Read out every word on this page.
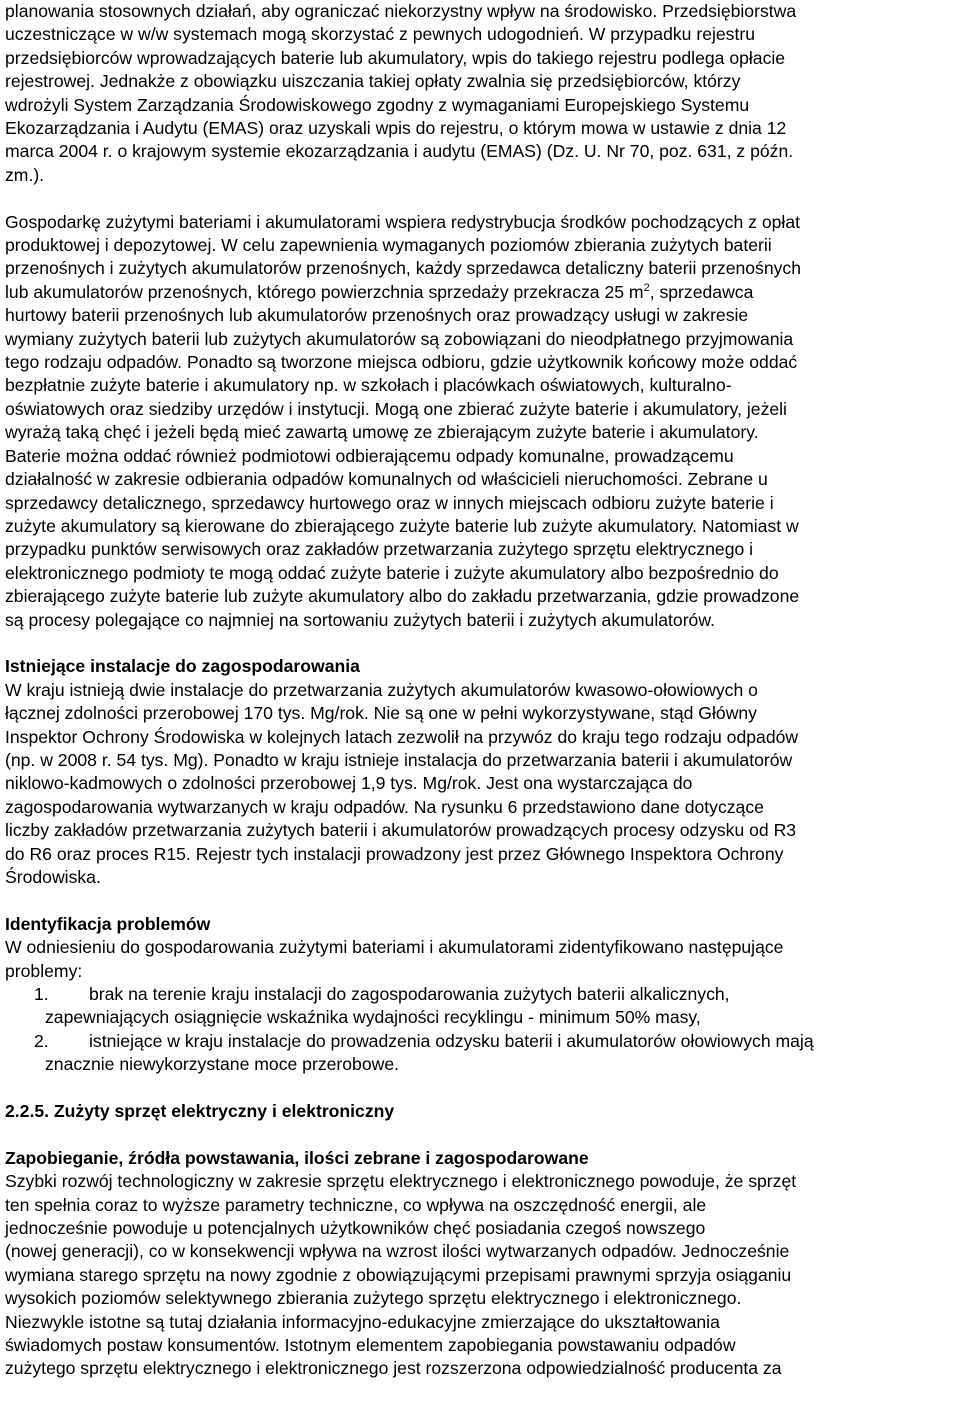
planowania stosownych działań, aby ograniczać niekorzystny wpływ na środowisko. Przedsiębiorstwa

uczestniczące w w/w systemach mogą skorzystać z pewnych udogodnień. W przypadku rejestru

przedsiębiorców wprowadzających baterie lub akumulatory, wpis do takiego rejestru podlega opłacie

rejestrowej. Jednakże z obowiązku uiszczania takiej opłaty zwalnia się przedsiębiorców, którzy

wdrożyli System Zarządzania Środowiskowego zgodny z wymaganiami Europejskiego Systemu

Ekozarządzania i Audytu (EMAS) oraz uzyskali wpis do rejestru, o którym mowa w ustawie z dnia 12

marca 2004 r. o krajowym systemie ekozarządzania i audytu (EMAS) (Dz. U. Nr 70, poz. 631, z późn.

zm.).

Gospodarkę zużytymi bateriami i akumulatorami wspiera redystrybucja środków pochodzących z opłat

produktowej i depozytowej. W celu zapewnienia wymaganych poziomów zbierania zużytych baterii

przenośnych i zużytych akumulatorów przenośnych, każdy sprzedawca detaliczny baterii przenośnych

lub akumulatorów przenośnych, którego powierzchnia sprzedaży przekracza 25 $m^2$, sprzedawca

hurtowy baterii przenośnych lub akumulatorów przenośnych oraz prowadzący usługi w zakresie

wymiany zużytych baterii lub zużytych akumulatorów są zobowiązani do nieodpłatnego przyjmowania

tego rodzaju odpadów. Ponadto są tworzone miejsca odbioru, gdzie użytkownik końcowy może oddać

bezpłatnie zużyte baterie i akumulatory np. w szkołach i placówkach oświatowych, kulturalno-

oświatowych oraz siedziby urzędów i instytucji. Mogą one zbierać zużyte baterie i akumulatory, jeżeli

wyrażą taką chęć i jeżeli będą mieć zawartą umowę ze zbierającym zużyte baterie i akumulatory.

Baterie można oddać również podmiotowi odbierającemu odpady komunalne, prowadzącemu

działalność w zakresie odbierania odpadów komunalnych od właścicieli nieruchomości. Zebrane u

sprzedawcy detalicznego, sprzedawcy hurtowego oraz w innych miejscach odbioru zużyte baterie i

zużyte akumulatory są kierowane do zbierającego zużyte baterie lub zużyte akumulatory. Natomiast w

przypadku punktów serwisowych oraz zakładów przetwarzania zużytego sprzętu elektrycznego i

elektronicznego podmioty te mogą oddać zużyte baterie i zużyte akumulatory albo bezpośrednio do

zbierającego zużyte baterie lub zużyte akumulatory albo do zakładu przetwarzania, gdzie prowadzone

są procesy polegające co najmniej na sortowaniu zużytych baterii i zużytych akumulatorów.

Istniejące instalacje do zagospodarowania

W kraju istnieją dwie instalacje do przetwarzania zużytych akumulatorów kwasowo-ołowiowych o

łącznej zdolności przerobowej 170 tys. Mg/rok. Nie są one w pełni wykorzystywane, stąd Główny

Inspektor Ochrony Środowiska w kolejnych latach zezwolił na przywóz do kraju tego rodzaju odpadów

(np. w 2008 r. 54 tys. Mg). Ponadto w kraju istnieje instalacja do przetwarzania baterii i akumulatorów

niklowo-kadmowych o zdolności przerobowej 1,9 tys. Mg/rok. Jest ona wystarczająca do

zagospodarowania wytwarzanych w kraju odpadów. Na rysunku 6 przedstawiono dane dotyczące

liczby zakładów przetwarzania zużytych baterii i akumulatorów prowadzących procesy odzysku od R3

do R6 oraz proces R15. Rejestr tych instalacji prowadzony jest przez Głównego Inspektora Ochrony

Środowiska.

Identyfikacja problemów

W odniesieniu do gospodarowania zużytymi bateriami i akumulatorami zidentyfikowano następujące

problemy:

1. brak na terenie kraju instalacji do zagospodarowania zużytych baterii alkalicznych,

zapewniających osiągnięcie wskaźnika wydajności recyklingu - minimum 50% masy,

2. istniejące w kraju instalacje do prowadzenia odzysku baterii i akumulatorów ołowiowych mają

znacznie niewykorzystane moce przerobowe.

2.2.5. Zużyty sprzęt elektryczny i elektroniczny

Zapobieganie, źródła powstawania, ilości zebrane i zagospodarowane

Szybki rozwój technologiczny w zakresie sprzętu elektrycznego i elektronicznego powoduje, że sprzęt

ten spełnia coraz to wyższe parametry techniczne, co wpływa na oszczędność energii, ale

jednocześnie powoduje u potencjalnych użytkowników chęć posiadania czegoś nowszego

(nowej generacji), co w konsekwencji wpływa na wzrost ilości wytwarzanych odpadów. Jednocześnie

wymiana starego sprzętu na nowy zgodnie z obowiązującymi przepisami prawnymi sprzyja osiąganiu

wysokich poziomów selektywnego zbierania zużytego sprzętu elektrycznego i elektronicznego.

Niezwykle istotne są tutaj działania informacyjno-edukacyjne zmierzające do ukształtowania

świadomych postaw konsumentów. Istotnym elementem zapobiegania powstawaniu odpadów

zużytego sprzętu elektrycznego i elektronicznego jest rozszerzona odpowiedzialność producenta za
